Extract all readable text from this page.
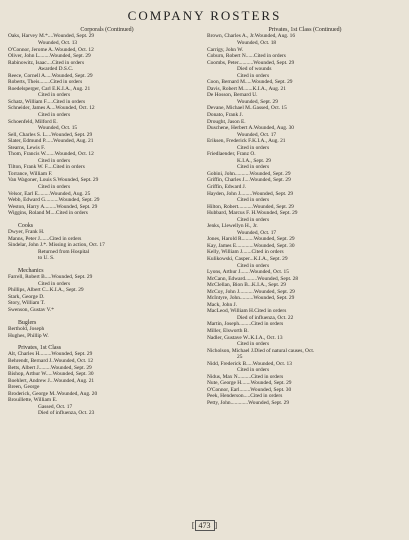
COMPANY ROSTERS
Corporals (Continued)
Oaks, Harvey M.*....Wounded, Sept. 29
Wounded, Oct. 13
O'Connor, Jerome A..Wounded, Oct. 12
Oliver, John L........Wounded, Sept. 29
Rabinowitz, Isaac....Cited in orders
Awarded D.S.C.
Reece, Cornell A.....Wounded, Sept. 29
Roberts, Theis........Cited in orders
Roedelsperger, Carl E.K.I.A., Aug. 21
Cited in orders
Schatz, William F.....Cited in orders
Schneider, James A....Wounded, Oct. 12
Cited in orders
Schoenfeld, Milford E.
Wounded, Oct. 15
Sell, Charles S. L....Wounded, Sept. 29
Slater, Edmund P......Wounded, Aug. 21
Stearns, Lewis F.
Thom, Francis W.......Wounded, Oct. 12
Cited in orders
Tilton, Frank W. F....Cited in orders
Torrance, William F.
Van Wagoner, Louis S.Wounded, Sept. 29
Cited in orders
Velsor, Earl E.........Wounded, Aug. 25
Webb, Edward G..........Wounded, Sept. 29
Weston, Harry A.........Wounded, Sept. 29
Wiggins, Roland M....Cited in orders
Cooks
Dwyer, Frank H.
Manns, Peter J.......Cited in orders
Sindelar, John J.*. Missing in action, Oct. 17
Returned from Hospital
to U. S.
Mechanics
Farrell, Robert B.....Wounded, Sept. 29
Cited in orders
Phillips, Albert C...K.I.A., Sept. 29
Stark, George D.
Story, William T.
Swenson, Gustav V.*
Buglers
Berthold, Joseph
Hughes, Phillip W.
Privates, 1st Class
Alt, Charles H.........Wounded, Sept. 29
Behrendt, Bernard J..Wounded, Oct. 12
Betts, Albert J.........Wounded, Sept. 29
Bishop, Arthur W.....Wounded, Sept. 30
Boehlert, Andrew J...Wounded, Aug. 21
Breen, George
Broderick, George M..Wounded, Aug. 20
Brouillette, William E.
Gassed, Oct. 17
Died of influenza, Oct. 23
Privates, 1st Class (Continued)
Brown, Charles A., Jr.Wounded, Aug. 16
Wounded, Oct. 18
Carrigy, John W.
Coburn, Robert N......Cited in orders
Coombs, Peter...........Wounded, Sept. 29
Died of wounds
Cited in orders
Coon, Bernard M.....Wounded, Sept. 29
Davis, Robert M.......K.I.A., Aug. 21
De Hosson, Bernard U.
Wounded, Sept. 29
Devane, Michael M..Gassed, Oct. 15
Donato, Frank J.
Drought, Jason E.
Duschene, Herbert A.Wounded, Aug. 30
Wounded, Oct. 17
Eriksen, Frederick F.K.I.A., Aug. 21
Cited in orders
Friedlaender, Franz O.
K.I.A., Sept. 29
Cited in orders
Gobini, John...........Wounded, Sept. 29
Griffin, Charles J....Wounded, Sept. 29
Griffin, Edward J.
Hayden, John J.........Wounded, Sept. 29
Cited in orders
Hilton, Robert...........Wounded, Sept. 29
Hubbard, Marcus F. H.Wounded, Sept. 29
Cited in orders
Jenks, Llewellyn H., Jr.
Wounded, Oct. 17
Jones, Harold R.........Wounded, Sept. 29
Kay, James E.............Wounded, Sept. 30
Kelly, William J.......Cited in orders
Kulikowski, Casper...K.I.A., Sept. 29
Cited in orders
Lyons, Arthur J.......Wounded, Oct. 15
McCann, Edward.........Wounded, Sept. 28
McClellan, Bion B...K.I.A., Sept. 29
McCoy, John J...........Wounded, Sept. 29
McIntyre, John..........Wounded, Sept. 29
Mack, John J.
MacLeod, William H.Cited in orders
Died of influenza, Oct. 22
Martin, Joseph.........Cited in orders
Miller, Elsworth B.
Nadler, Gustave W..K.I.A., Oct. 13
Cited in orders
Nicholson, Michael J.Died of natural causes, Oct.
25
Nidd, Frederick B.....Wounded, Oct. 13
Cited in orders
Nidus, Max N..........Cited in orders
Nute, George H.......Wounded, Sept. 29
O'Connor, Earl........Wounded, Sept. 30
Peek, Henderson.....Cited in orders
Petty, John.............Wounded, Sept. 29
[ 473 ]
